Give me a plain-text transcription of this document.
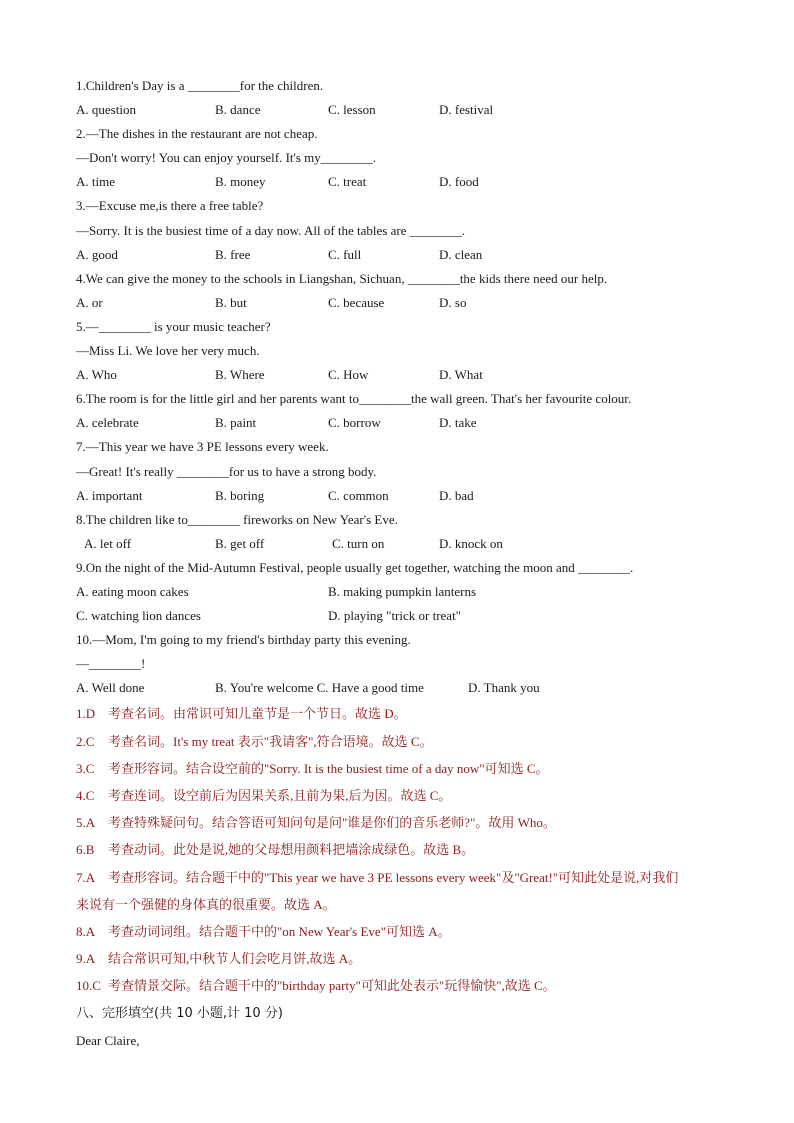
1.Children's Day is a ________for the children.
A. question	B. dance	C. lesson	D. festival
2.—The dishes in the restaurant are not cheap.
—Don't worry! You can enjoy yourself. It's my________.
A. time	B. money	C. treat	D. food
3.—Excuse me,is there a free table?
—Sorry. It is the busiest time of a day now. All of the tables are ________.
A. good	B. free	C. full	D. clean
4.We can give the money to the schools in Liangshan, Sichuan, ________the kids there need our help.
A. or	B. but	C. because	D. so
5.—________ is your music teacher?
—Miss Li. We love her very much.
A. Who	B. Where	C. How	D. What
6.The room is for the little girl and her parents want to________the wall green. That's her favourite colour.
A. celebrate	B. paint	C. borrow	D. take
7.—This year we have 3 PE lessons every week.
—Great! It's really ________for us to have a strong body.
A. important	B. boring	C. common	D. bad
8.The children like to________ fireworks on New Year's Eve.
A. let off	B. get off	C. turn on	D. knock on
9.On the night of the Mid-Autumn Festival, people usually get together, watching the moon and ________.
A. eating moon cakes	B. making pumpkin lanterns
C. watching lion dances	D. playing "trick or treat"
10.—Mom, I'm going to my friend's birthday party this evening.
—________!
A. Well done	B. You're welcome C. Have a good time	D. Thank you
1.D 考查名词。由常识可知儿童节是一个节日。故选 D。
2.C 考查名词。It's my treat 表示"我请客",符合语境。故选 C。
3.C 考查形容词。结合设空前的"Sorry. It is the busiest time of a day now"可知选 C。
4.C 考查连词。设空前后为因果关系,且前为果,后为因。故选 C。
5.A 考查特殊疑问句。结合答语可知问句是问"谁是你们的音乐老师?"。故用 Who。
6.B 考查动词。此处是说,她的父母想用颜料把墙涂成绿色。故选 B。
7.A 考查形容词。结合题干中的"This year we have 3 PE lessons every week"及"Great!"可知此处是说,对我们
来说有一个强健的身体真的很重要。故选 A。
8.A 考查动词词组。结合题干中的"on New Year's Eve"可知选 A。
9.A 结合常识可知,中秋节人们会吃月饼,故选 A。
10.C 考查情景交际。结合题干中的"birthday party"可知此处表示"玩得愉快",故选 C。
八、完形填空(共 10 小题,计 10 分)
Dear Claire,
